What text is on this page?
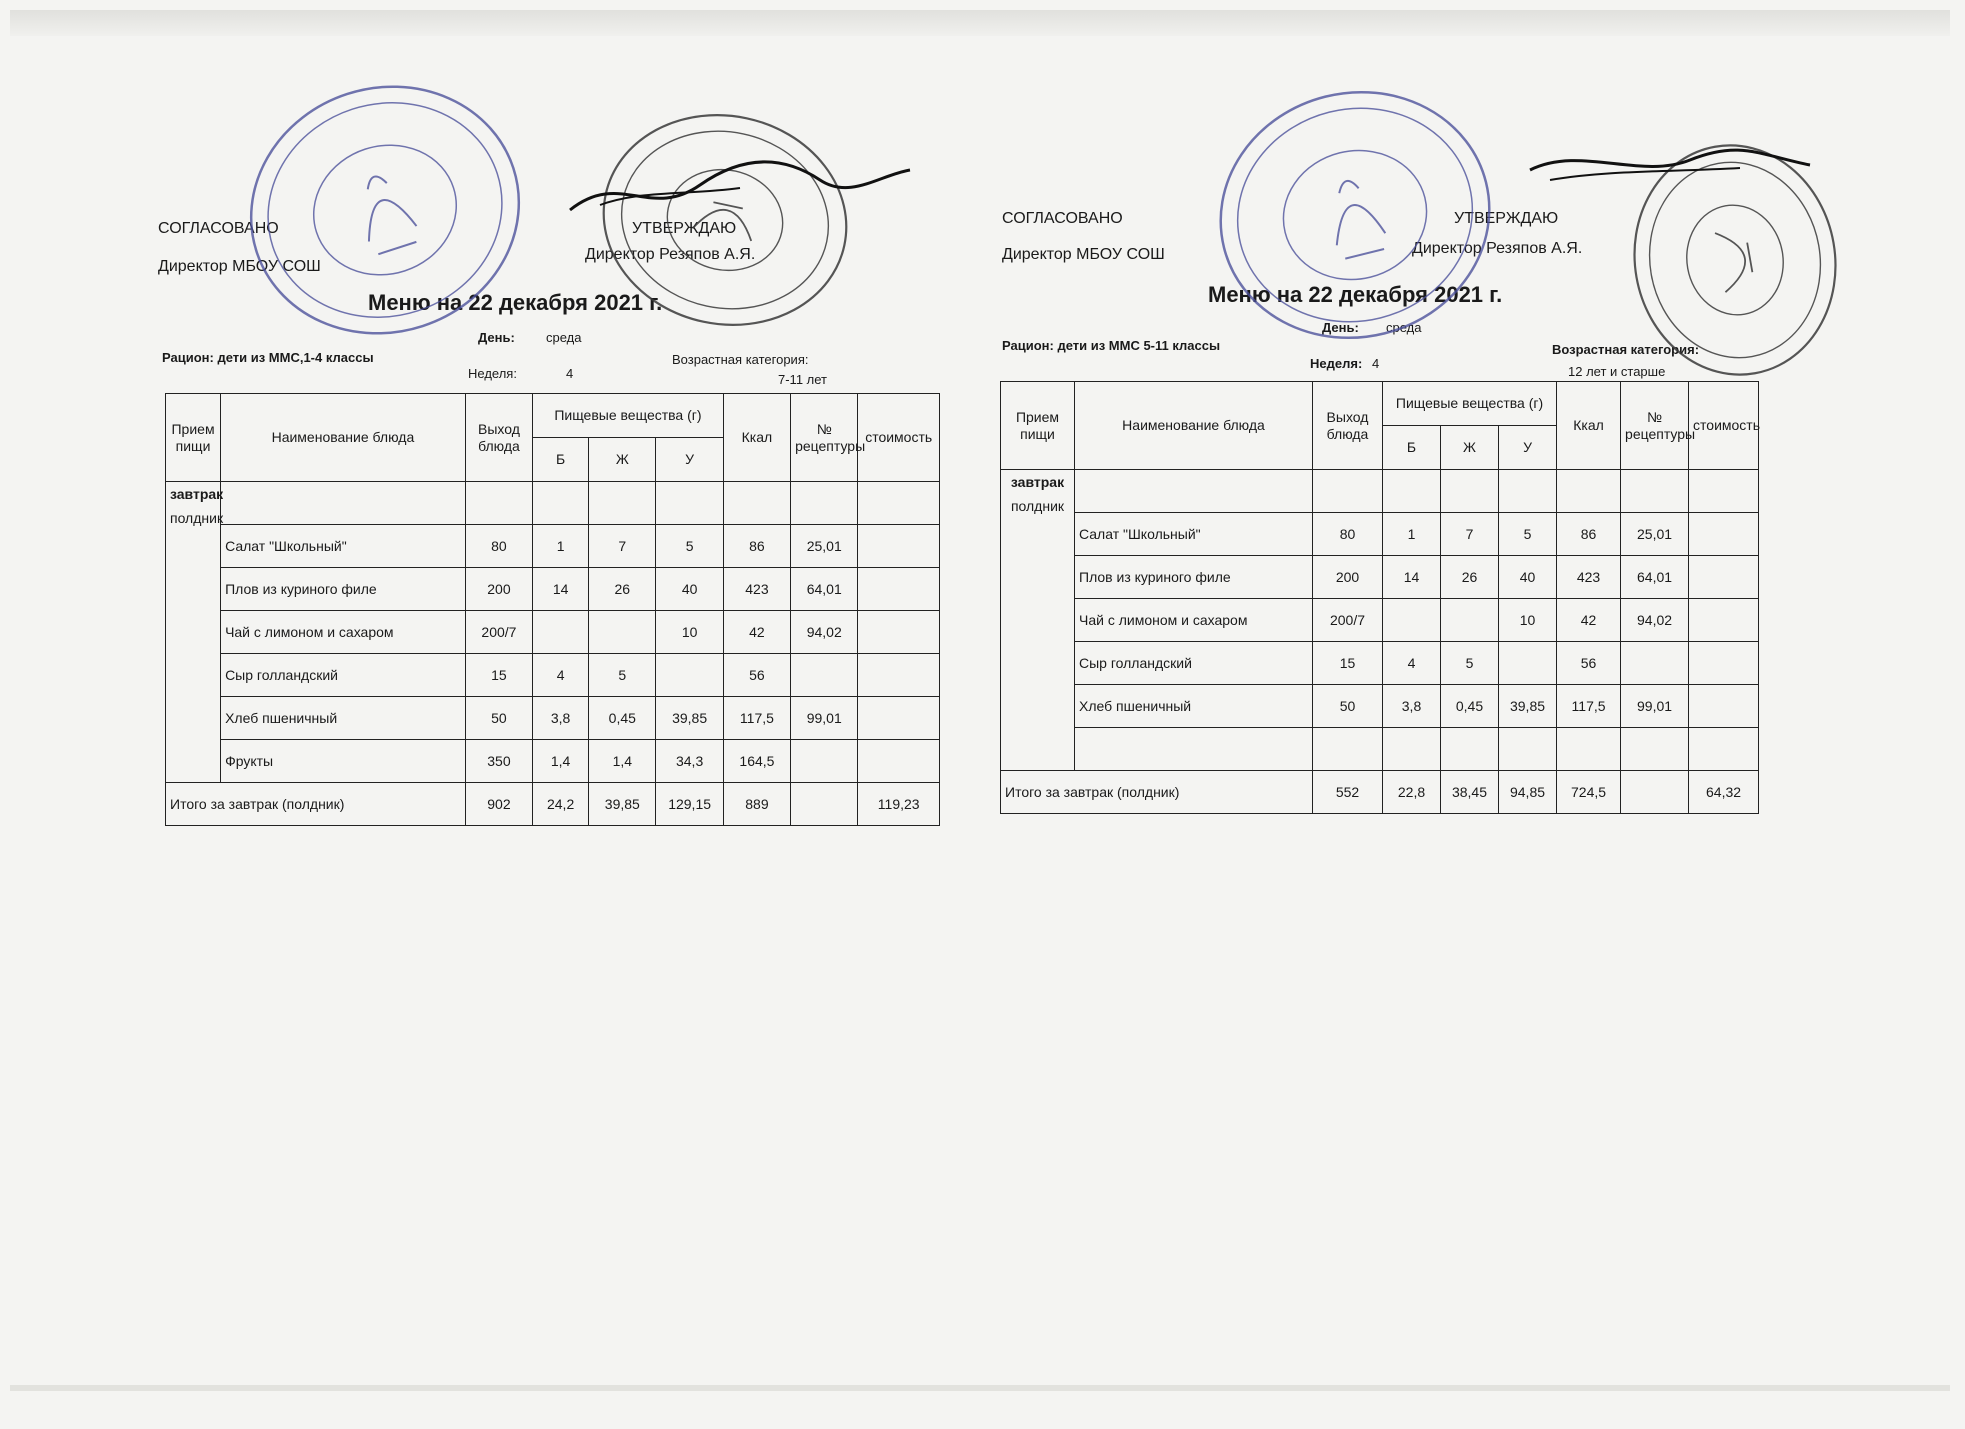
СОГЛАСОВАНО
Директор МБОУ СОШ
УТВЕРЖДАЮ
Директор Резяпов А.Я.
Меню на 22 декабря 2021 г.
Рацион: дети из ММС,1-4 классы
День: среда
Неделя:	4
Возрастная категория:
7-11 лет
Прием пищи	Наименование блюда	Выход блюда	Пищевые вещества (г)			Ккал	№ рецептуры	стоимость
			Б	Ж	У			

завтрак
полдник								

	Салат "Школьный"	80	1	7	5	86	25,01	
	Плов из куриного филе	200	14	26	40	423	64,01	
	Чай с лимоном и сахаром	200/7			10	42	94,02	
	Сыр голландский	15	4	5		56		
	Хлеб пшеничный	50	3,8	0,45	39,85	117,5	99,01	
	Фрукты	350	1,4	1,4	34,3	164,5		
Итого за завтрак (полдник)		902	24,2	39,85	129,15	889		119,23
СОГЛАСОВАНО
Директор МБОУ СОШ
УТВЕРЖДАЮ
Директор Резяпов А.Я.
Меню на 22 декабря 2021 г.
Рацион: дети из ММС 5-11 классы
День: среда
Неделя: 4
Возрастная категория:
12 лет и старше
Прием пищи	Наименование блюда	Выход блюда	Пищевые вещества (г)			Ккал	№ рецептуры	стоимость
			Б	Ж	У			

завтрак
полдник								

	Салат "Школьный"	80	1	7	5	86	25,01	
	Плов из куриного филе	200	14	26	40	423	64,01	
	Чай с лимоном и сахаром	200/7			10	42	94,02	
	Сыр голландский	15	4	5		56		
	Хлеб пшеничный	50	3,8	0,45	39,85	117,5	99,01	

Итого за завтрак (полдник)		552	22,8	38,45	94,85	724,5		64,32
